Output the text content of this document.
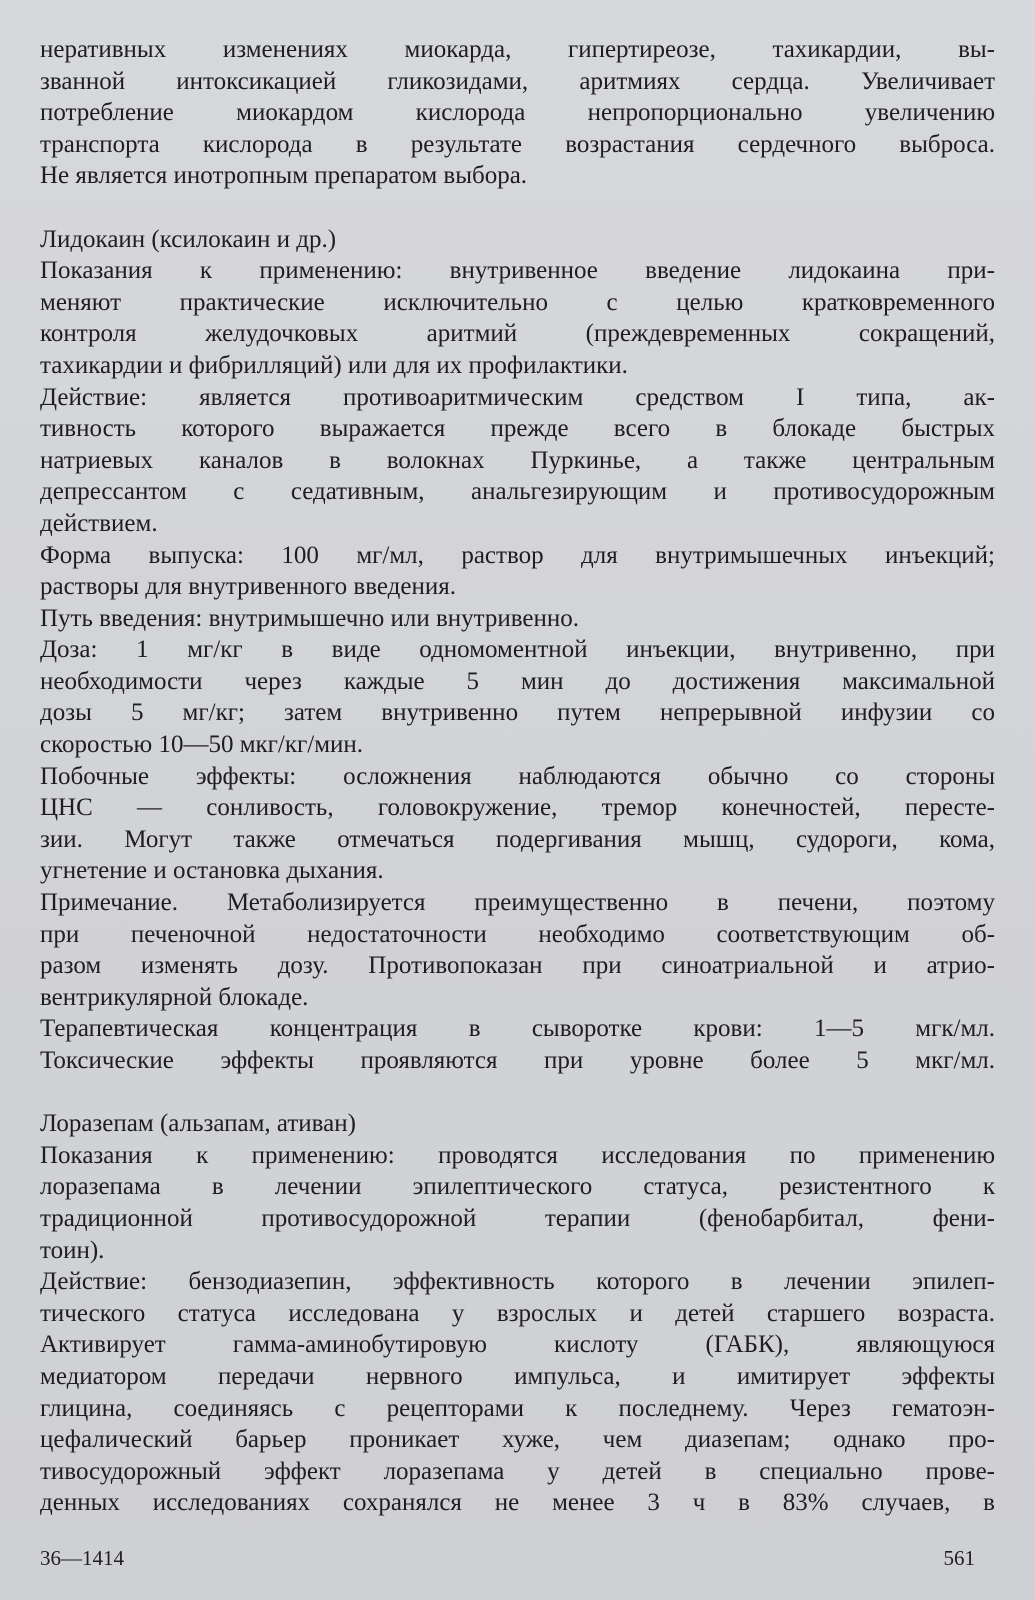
неративных изменениях миокарда, гипертиреозе, тахикардии, вы-
званной интоксикацией гликозидами, аритмиях сердца. Увеличивает
потребление миокардом кислорода непропорционально увеличению
транспорта кислорода в результате возрастания сердечного выброса.
Не является инотропным препаратом выбора.
Лидокаин (ксилокаин и др.)
Показания к применению: внутривенное введение лидокаина при-
меняют практические исключительно с целью кратковременного
контроля желудочковых аритмий (преждевременных сокращений,
тахикардии и фибрилляций) или для их профилактики.
Действие: является противоаритмическим средством I типа, ак-
тивность которого выражается прежде всего в блокаде быстрых
натриевых каналов в волокнах Пуркинье, а также центральным
депрессантом с седативным, анальгезирующим и противосудорожным
действием.
Форма выпуска: 100 мг/мл, раствор для внутримышечных инъекций;
растворы для внутривенного введения.
Путь введения: внутримышечно или внутривенно.
Доза: 1 мг/кг в виде одномоментной инъекции, внутривенно, при
необходимости через каждые 5 мин до достижения максимальной
дозы 5 мг/кг; затем внутривенно путем непрерывной инфузии со
скоростью 10—50 мкг/кг/мин.
Побочные эффекты: осложнения наблюдаются обычно со стороны
ЦНС — сонливость, головокружение, тремор конечностей, пересте-
зии. Могут также отмечаться подергивания мышц, судороги, кома,
угнетение и остановка дыхания.
Примечание. Метаболизируется преимущественно в печени, поэтому
при печеночной недостаточности необходимо соответствующим об-
разом изменять дозу. Противопоказан при синоатриальной и атрио-
вентрикулярной блокаде.
Терапевтическая концентрация в сыворотке крови: 1—5 мгк/мл.
Токсические эффекты проявляются при уровне более 5 мкг/мл.
Лоразепам (альзапам, ативан)
Показания к применению: проводятся исследования по применению
лоразепама в лечении эпилептического статуса, резистентного к
традиционной противосудорожной терапии (фенобарбитал, фени-
тоин).
Действие: бензодиазепин, эффективность которого в лечении эпилеп-
тического статуса исследована у взрослых и детей старшего возраста.
Активирует гамма-аминобутировую кислоту (ГАБК), являющуюся
медиатором передачи нервного импульса, и имитирует эффекты
глицина, соединяясь с рецепторами к последнему. Через гематоэн-
цефалический барьер проникает хуже, чем диазепам; однако про-
тивосудорожный эффект лоразепама у детей в специально прове-
денных исследованиях сохранялся не менее 3 ч в 83% случаев, в
36—1414	561
